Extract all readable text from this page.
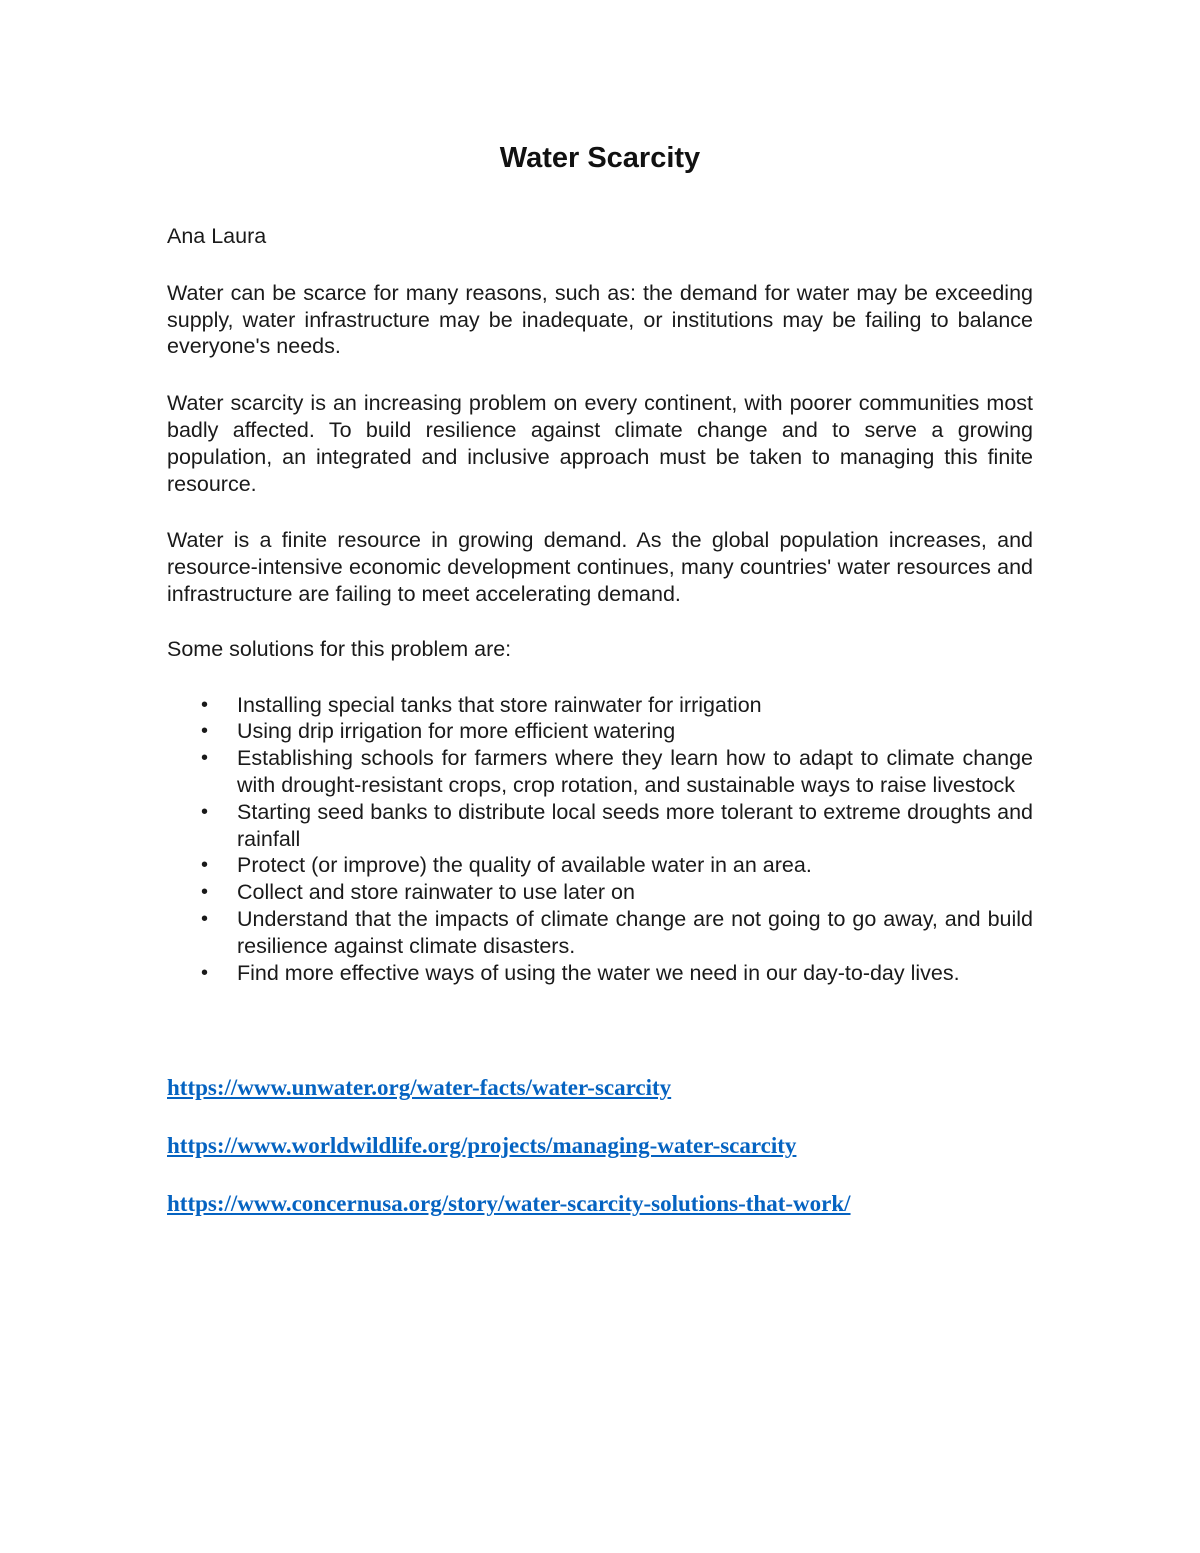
Water Scarcity

Ana Laura

Water can be scarce for many reasons, such as: the demand for water may be exceeding supply, water infrastructure may be inadequate, or institutions may be failing to balance everyone's needs.

Water scarcity is an increasing problem on every continent, with poorer communities most badly affected. To build resilience against climate change and to serve a growing population, an integrated and inclusive approach must be taken to managing this finite resource.

Water is a finite resource in growing demand. As the global population increases, and resource-intensive economic development continues, many countries' water resources and infrastructure are failing to meet accelerating demand.

Some solutions for this problem are:

• Installing special tanks that store rainwater for irrigation
• Using drip irrigation for more efficient watering
• Establishing schools for farmers where they learn how to adapt to climate change with drought-resistant crops, crop rotation, and sustainable ways to raise livestock
• Starting seed banks to distribute local seeds more tolerant to extreme droughts and rainfall
• Protect (or improve) the quality of available water in an area.
• Collect and store rainwater to use later on
• Understand that the impacts of climate change are not going to go away, and build resilience against climate disasters.
• Find more effective ways of using the water we need in our day-to-day lives.
https://www.unwater.org/water-facts/water-scarcity
https://www.worldwildlife.org/projects/managing-water-scarcity
https://www.concernusa.org/story/water-scarcity-solutions-that-work/
